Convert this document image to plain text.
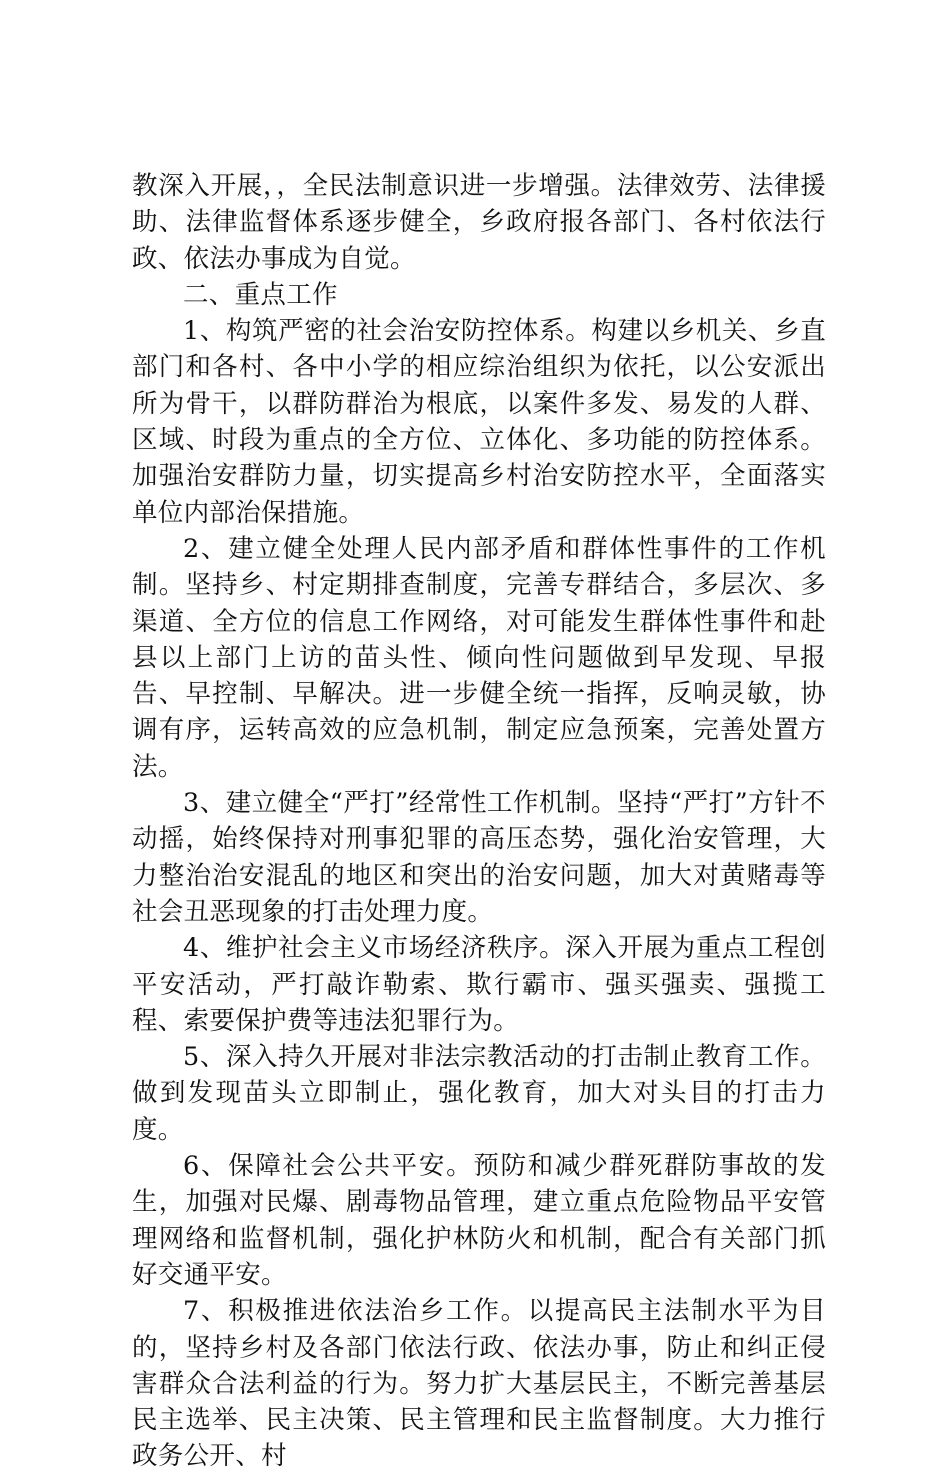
教深入开展，，全民法制意识进一步增强。法律效劳、法律援助、法律监督体系逐步健全，乡政府报各部门、各村依法行政、依法办事成为自觉。

二、重点工作

1、构筑严密的社会治安防控体系。构建以乡机关、乡直部门和各村、各中小学的相应综治组织为依托，以公安派出所为骨干，以群防群治为根底，以案件多发、易发的人群、区域、时段为重点的全方位、立体化、多功能的防控体系。加强治安群防力量，切实提高乡村治安防控水平，全面落实单位内部治保措施。

2、建立健全处理人民内部矛盾和群体性事件的工作机制。坚持乡、村定期排查制度，完善专群结合，多层次、多渠道、全方位的信息工作网络，对可能发生群体性事件和赴县以上部门上访的苗头性、倾向性问题做到早发现、早报告、早控制、早解决。进一步健全统一指挥，反响灵敏，协调有序，运转高效的应急机制，制定应急预案，完善处置方法。

3、建立健全“严打”经常性工作机制。坚持“严打”方针不动摇，始终保持对刑事犯罪的高压态势，强化治安管理，大力整治治安混乱的地区和突出的治安问题，加大对黄赌毒等社会丑恶现象的打击处理力度。

4、维护社会主义市场经济秩序。深入开展为重点工程创平安活动，严打敲诈勒索、欺行霸市、强买强卖、强揽工程、索要保护费等违法犯罪行为。

5、深入持久开展对非法宗教活动的打击制止教育工作。做到发现苗头立即制止，强化教育，加大对头目的打击力度。

6、保障社会公共平安。预防和减少群死群防事故的发生，加强对民爆、剧毒物品管理，建立重点危险物品平安管理网络和监督机制，强化护林防火和机制，配合有关部门抓好交通平安。

7、积极推进依法治乡工作。以提高民主法制水平为目的，坚持乡村及各部门依法行政、依法办事，防止和纠正侵害群众合法利益的行为。努力扩大基层民主，不断完善基层民主选举、民主决策、民主管理和民主监督制度。大力推行政务公开、村
